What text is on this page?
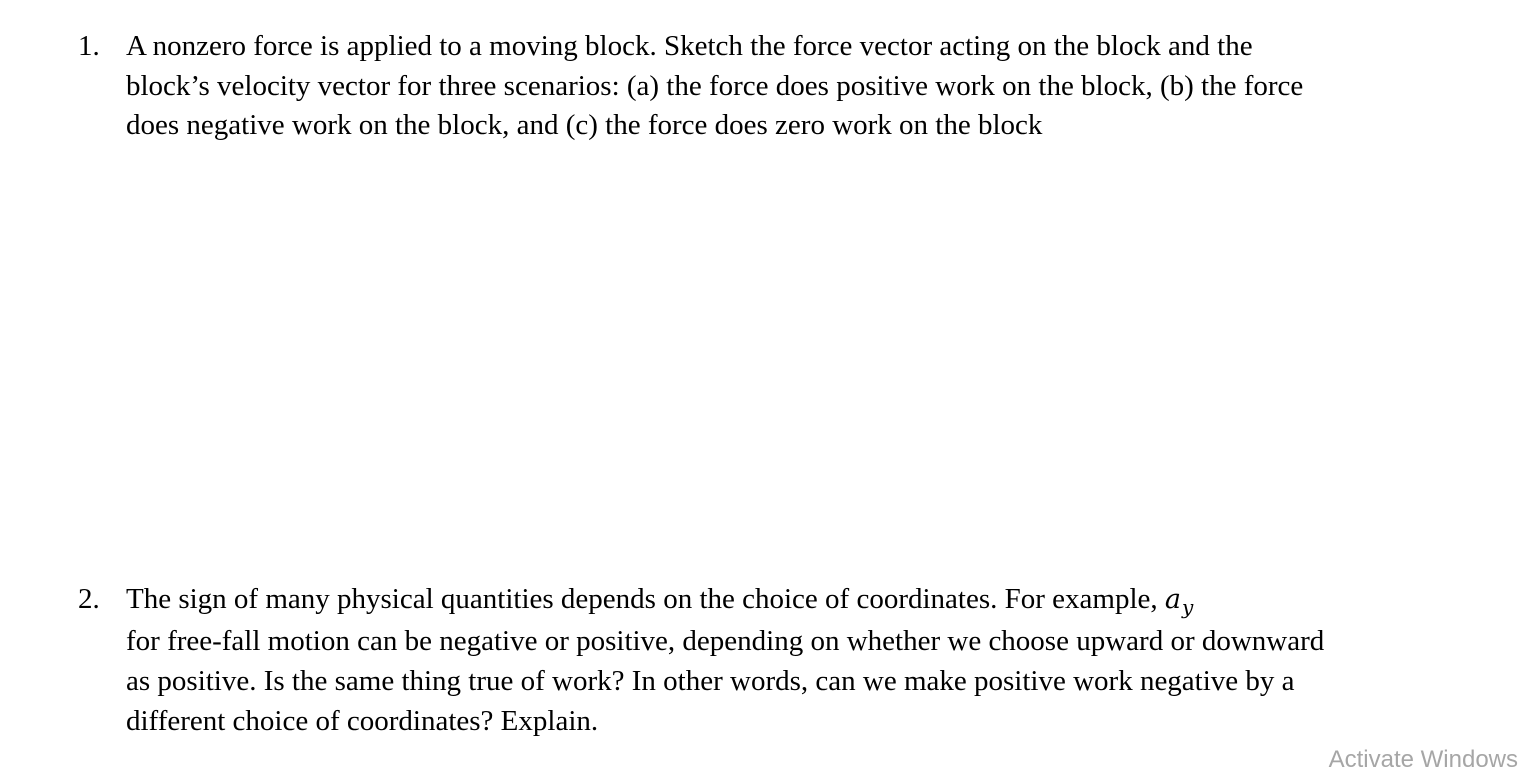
1. A nonzero force is applied to a moving block. Sketch the force vector acting on the block and the
block’s velocity vector for three scenarios: (a) the force does positive work on the block, (b) the force
does negative work on the block, and (c) the force does zero work on the block
2. The sign of many physical quantities depends on the choice of coordinates. For example, $a_y$
for free-fall motion can be negative or positive, depending on whether we choose upward or downward
as positive. Is the same thing true of work? In other words, can we make positive work negative by a
different choice of coordinates? Explain.
Activate Windows
